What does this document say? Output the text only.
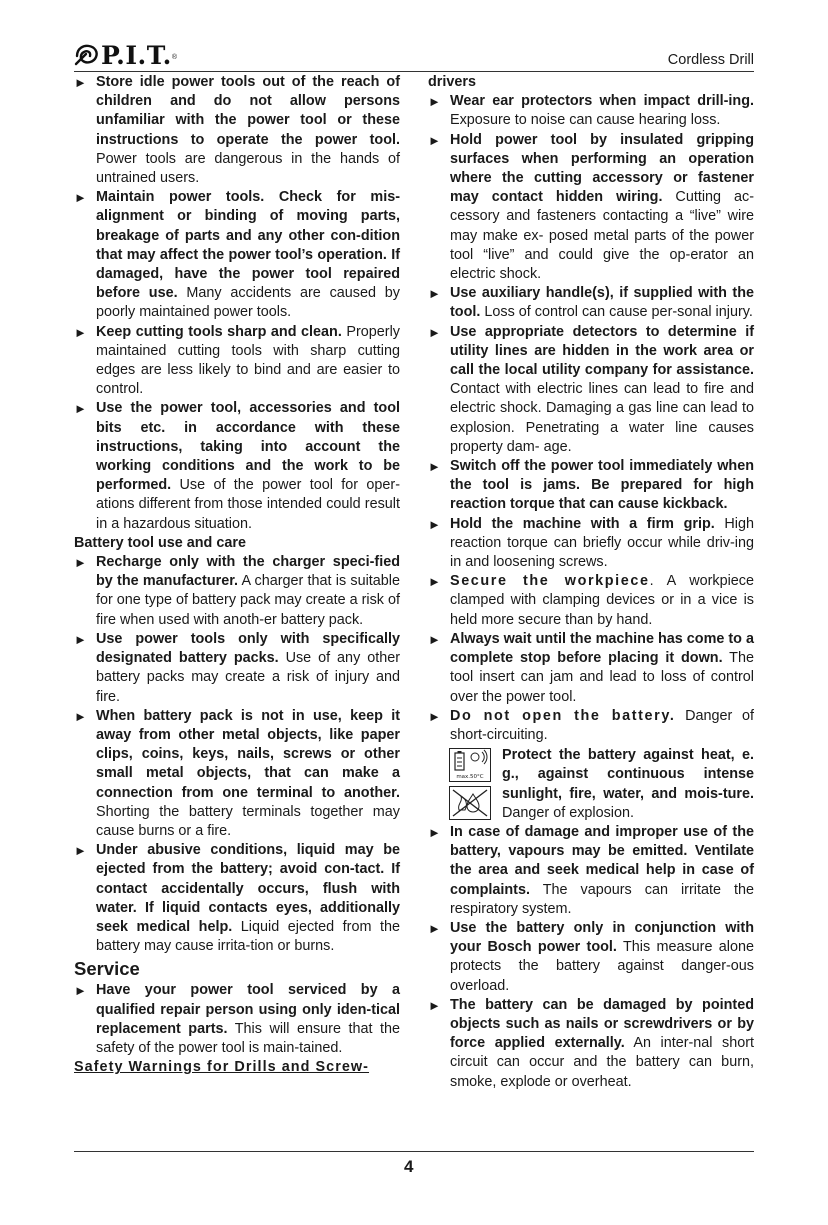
P.I.T. ®	Cordless Drill
► Store idle power tools out of the reach of children and do not allow persons unfamiliar with the power tool or these instructions to operate the power tool. Power tools are dangerous in the hands of untrained users.
► Maintain power tools. Check for mis-alignment or binding of moving parts, breakage of parts and any other con-dition that may affect the power tool’s operation. If damaged, have the power tool repaired before use. Many accidents are caused by poorly maintained power tools.
► Keep cutting tools sharp and clean. Properly maintained cutting tools with sharp cutting edges are less likely to bind and are easier to control.
► Use the power tool, accessories and tool bits etc. in accordance with these instructions, taking into account the working conditions and the work to be performed. Use of the power tool for oper-ations different from those intended could result in a hazardous situation.
Battery tool use and care
► Recharge only with the charger speci-fied by the manufacturer. A charger that is suitable for one type of battery pack may create a risk of fire when used with anoth-er battery pack.
► Use power tools only with specifically designated battery packs. Use of any other battery packs may create a risk of injury and fire.
► When battery pack is not in use, keep it away from other metal objects, like paper clips, coins, keys, nails, screws or other small metal objects, that can make a connection from one terminal to another. Shorting the battery terminals together may cause burns or a fire.
► Under abusive conditions, liquid may be ejected from the battery; avoid con-tact. If contact accidentally occurs, flush with water. If liquid contacts eyes, additionally seek medical help. Liquid ejected from the battery may cause irrita-tion or burns.
Service
► Have your power tool serviced by a qualified repair person using only iden-tical replacement parts. This will ensure that the safety of the power tool is main-tained.
Safety Warnings for Drills and Screw-
drivers
► Wear ear protectors when impact drill-ing. Exposure to noise can cause hearing loss.
► Hold power tool by insulated gripping surfaces when performing an operation where the cutting accessory or fastener may contact hidden wiring. Cutting ac-cessory and fasteners contacting a “live” wire may make ex- posed metal parts of the power tool “live” and could give the op-erator an electric shock.
► Use auxiliary handle(s), if supplied with the tool. Loss of control can cause per-sonal injury.
► Use appropriate detectors to determine if utility lines are hidden in the work area or call the local utility company for assistance. Contact with electric lines can lead to fire and electric shock. Damaging a gas line can lead to explosion. Penetrating a water line causes property dam- age.
► Switch off the power tool immediately when the tool is jams. Be prepared for high reaction torque that can cause kickback.
► Hold the machine with a firm grip. High reaction torque can briefly occur while driv-ing in and loosening screws.
► Secure the workpiece. A workpiece clamped with clamping devices or in a vice is held more secure than by hand.
► Always wait until the machine has come to a complete stop before placing it down. The tool insert can jam and lead to loss of control over the power tool.
► Do not open the battery. Danger of short-circuiting.
max.50°C
Protect the battery against heat, e. g., against continuous intense sunlight, fire, water, and mois-ture. Danger of explosion.
► In case of damage and improper use of the battery, vapours may be emitted. Ventilate the area and seek medical help in case of complaints. The vapours can irritate the respiratory system.
► Use the battery only in conjunction with your Bosch power tool. This measure alone protects the battery against danger-ous overload.
► The battery can be damaged by pointed objects such as nails or screwdrivers or by force applied externally. An inter-nal short circuit can occur and the battery can burn, smoke, explode or overheat.
4
